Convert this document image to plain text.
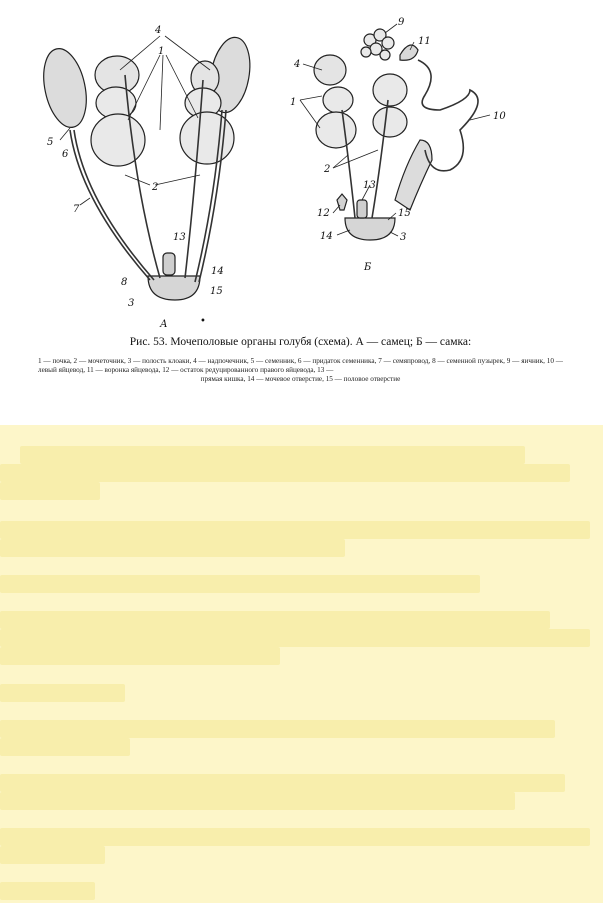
4
1
2
5
6
7
13
8
14
15
3
А	•
9
11
10
4
1
2
13
12	15
14	3
Б
Рис. 53. Мочеполовые органы голубя (схема). А — самец; Б — самка:
1 — почка, 2 — мочеточник, 3 — полость клоаки, 4 — надпочечник, 5 — семенник, 6 — придаток семенника, 7 — семяпровод, 8 — семенной пузырек, 9 — яичник, 10 — левый яйцевод, 11 — воронка яйцевода, 12 — остаток редуцированного правого яйцевода, 13 —
прямая кишка, 14 — мочевое отверстие, 15 — половое отверстие
